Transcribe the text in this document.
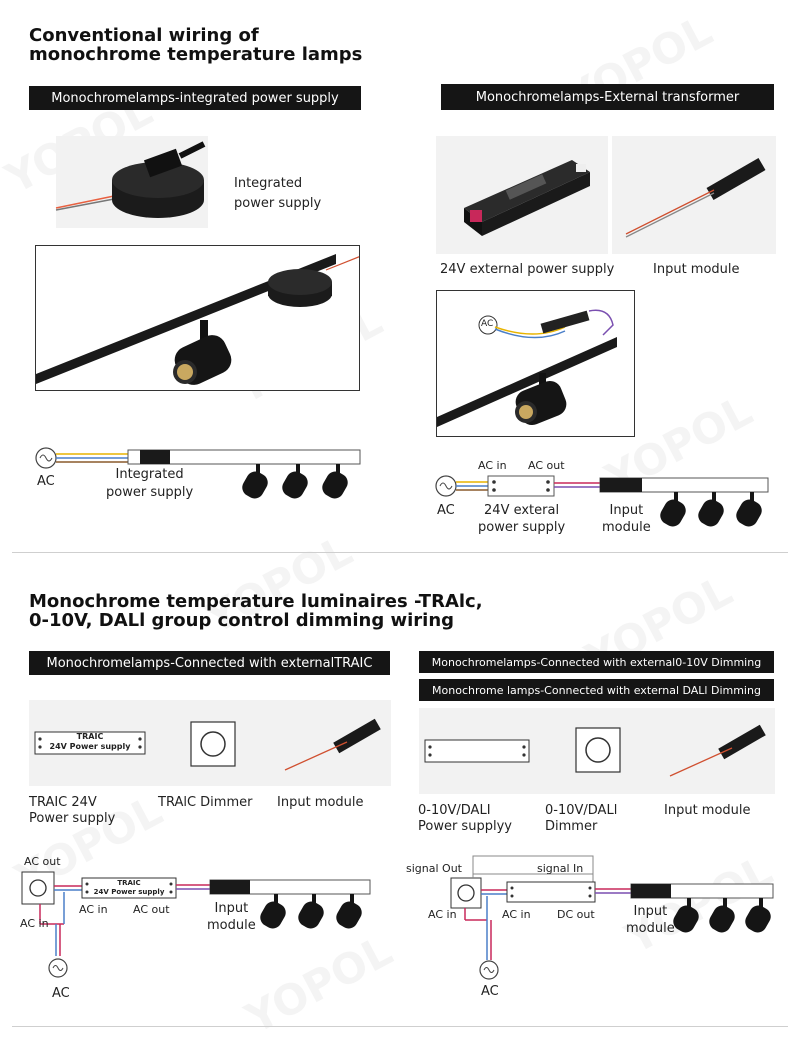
Conventional wiring of
monochrome temperature lamps
Monochromelamps-integrated power supply	Monochromelamps-External transformer
Integrated
power supply
AC	Integrated
power supply
24V external power supply	Input module
AC
AC in AC out
AC	24V exteral
power supply
Input
module
Monochrome temperature luminaires -TRAlc,
0-10V, DALl group control dimming wiring
Monochromelamps-Connected with externalTRAIC	Monochromelamps-Connected with external0-10V Dimming
Monochrome lamps-Connected with external DALl Dimming
TRAIC
24V Power supply
TRAIC 24V
Power supply
TRAlC Dimmer Input module
TRAIC
24V Power supply
AC out
AC in
AC
AC in AC out	Input
module
0-10V/DALI
Power supplyy
0-10V/DALl
Dimmer
Input module
signal Out	signal In
AC in	AC in DC out	Input
module
AC
